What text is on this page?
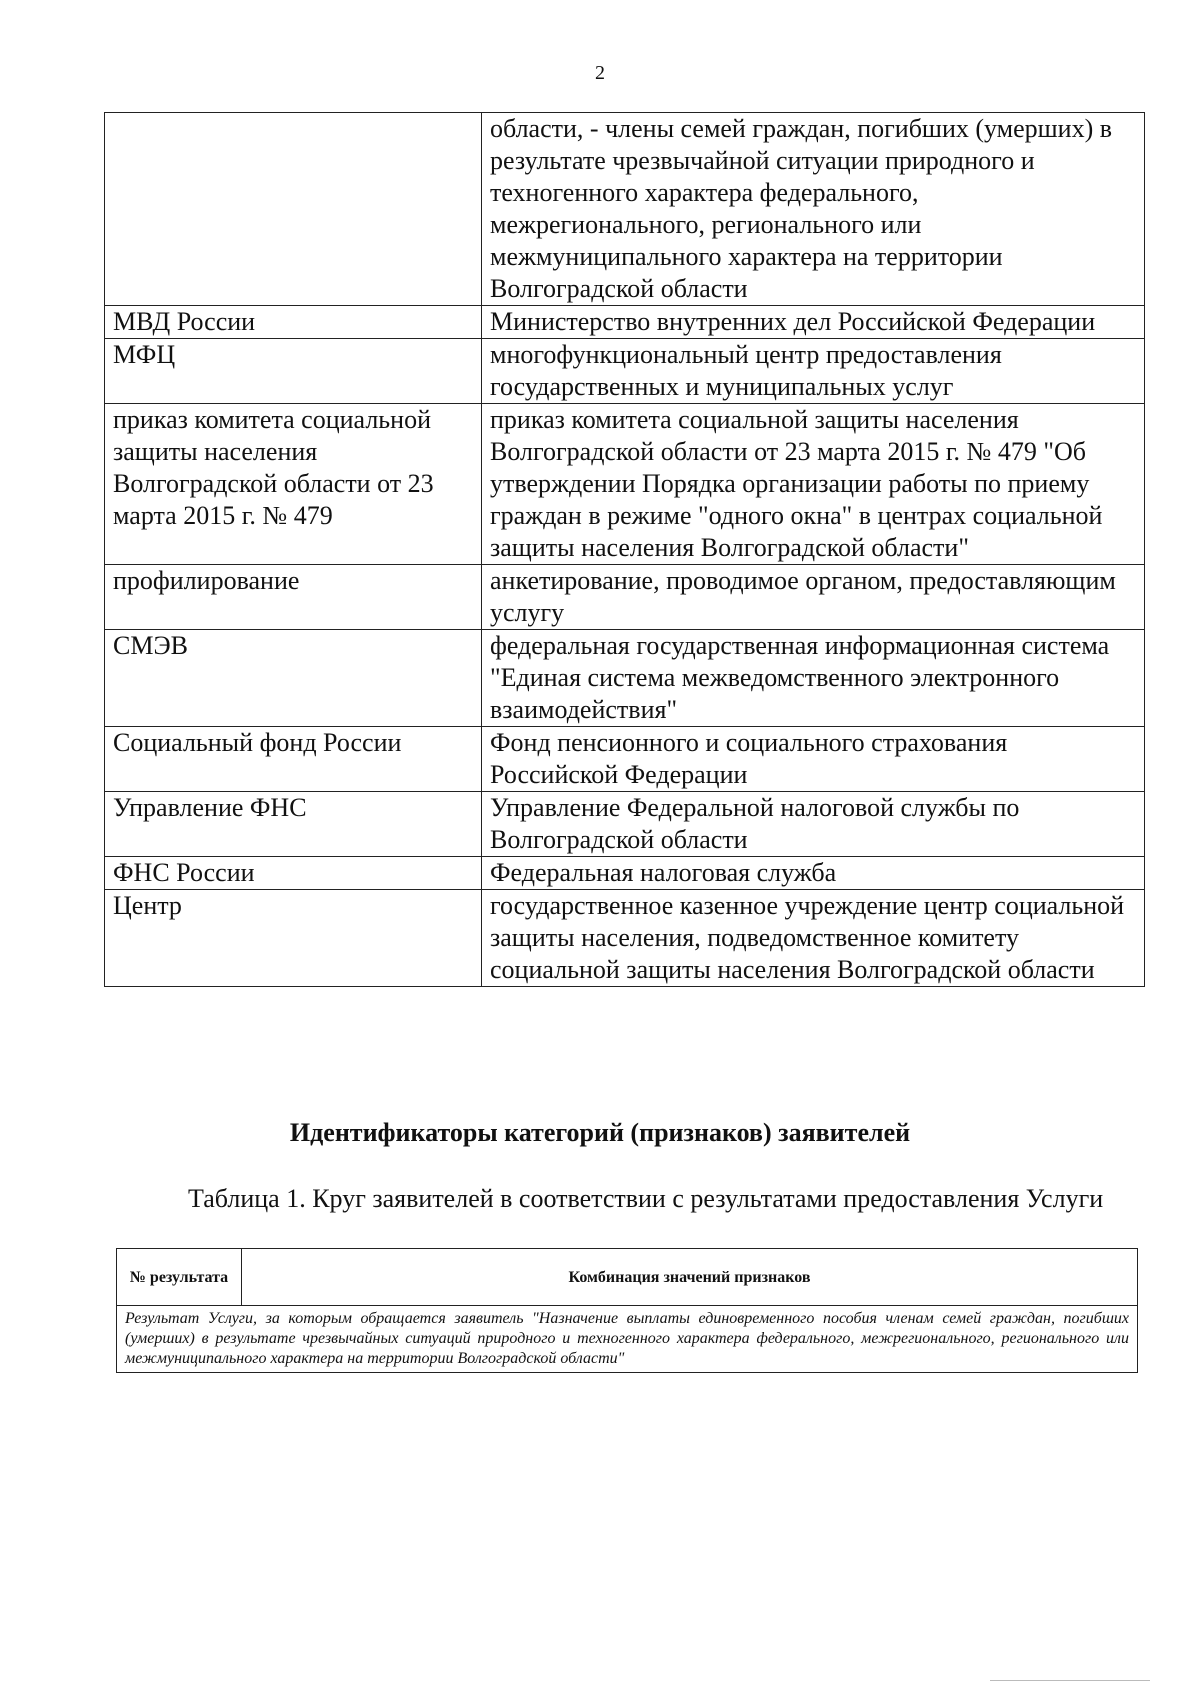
2
	области, - члены семей граждан, погибших (умерших) в результате чрезвычайной ситуации природного и техногенного характера федерального, межрегионального, регионального или межмуниципального характера на территории Волгоградской области
МВД России	Министерство внутренних дел Российской Федерации
МФЦ	многофункциональный центр предоставления государственных и муниципальных услуг
приказ комитета социальной защиты населения Волгоградской области от 23 марта 2015 г. № 479	приказ комитета социальной защиты населения Волгоградской области от 23 марта 2015 г. № 479 "Об утверждении Порядка организации работы по приему граждан в режиме "одного окна" в центрах социальной защиты населения Волгоградской области"
профилирование	анкетирование, проводимое органом, предоставляющим услугу
СМЭВ	федеральная государственная информационная система "Единая система межведомственного электронного взаимодействия"
Социальный фонд России	Фонд пенсионного и социального страхования Российской Федерации
Управление ФНС	Управление Федеральной налоговой службы по Волгоградской области
ФНС России	Федеральная налоговая служба
Центр	государственное казенное учреждение центр социальной защиты населения, подведомственное комитету социальной защиты населения Волгоградской области
Идентификаторы категорий (признаков) заявителей
Таблица 1. Круг заявителей в соответствии с результатами предоставления Услуги
№ результата	Комбинация значений признаков
Результат Услуги, за которым обращается заявитель "Назначение выплаты единовременного пособия членам семей граждан, погибших (умерших) в результате чрезвычайных ситуаций природного и техногенного характера федерального, межрегионального, регионального или межмуниципального характера на территории Волгоградской области"
